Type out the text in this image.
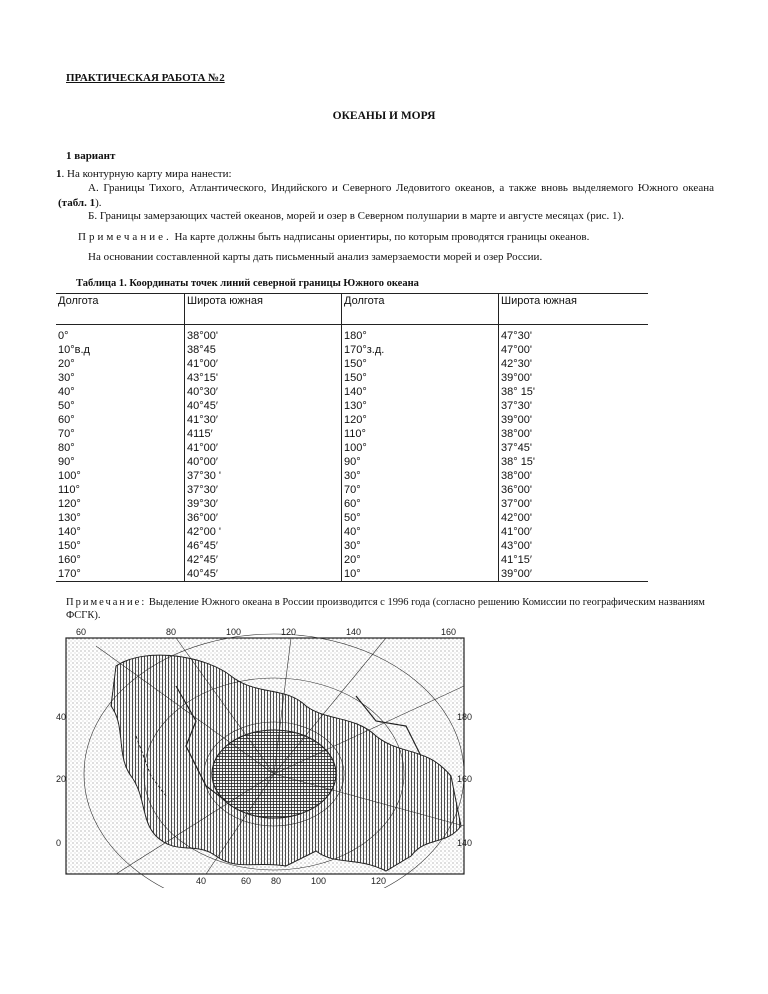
ПРАКТИЧЕСКАЯ РАБОТА №2
ОКЕАНЫ И МОРЯ
1 вариант
1. На контурную карту мира нанести:
А. Границы Тихого, Атлантического, Индийского и Северного Ледовитого океанов, а также вновь выделяемого Южного океана (табл. 1).
Б. Границы замерзающих частей океанов, морей и озер в Северном полушарии в марте и августе месяцах (рис. 1).
Примечание. На карте должны быть надписаны ориентиры, по которым проводятся границы океанов.
На основании составленной карты дать письменный анализ замерзаемости морей и озер России.
Таблица 1. Координаты точек линий северной границы Южного океана
Долгота	Широта южная	Долгота	Широта южная
0°	38°00'	180°	47°30'
10°в.д	38°45	170°з.д.	47°00'
20°	41°00′	150°	42°30'
30°	43°15'	150°	39°00'
40°	40°30′	140°	38° 15'
50°	40°45′	130°	37°30'
60°	41°30′	120°	39°00'
70°	4115′	110°	38°00'
80°	41°00′	100°	37°45'
90°	40°00′	90°	38° 15'
100°	37°30 '	30°	38°00'
110°	37°30′	70°	36°00'
120°	39°30′	60°	37°00'
130°	36°00′	50°	42°00'
140°	42°00 '	40°	41°00′
150°	46°45′	30°	43°00'
160°	42°45′	20°	41°15′
170°	40°45′	10°	39°00′
Примечание: Выделение Южного океана в России производится с 1996 года (согласно решению Комиссии по географическим названиям ФСГК).
60	80	100	120	140	160
40	60 80	100	120
40
20
0
180
160
140
